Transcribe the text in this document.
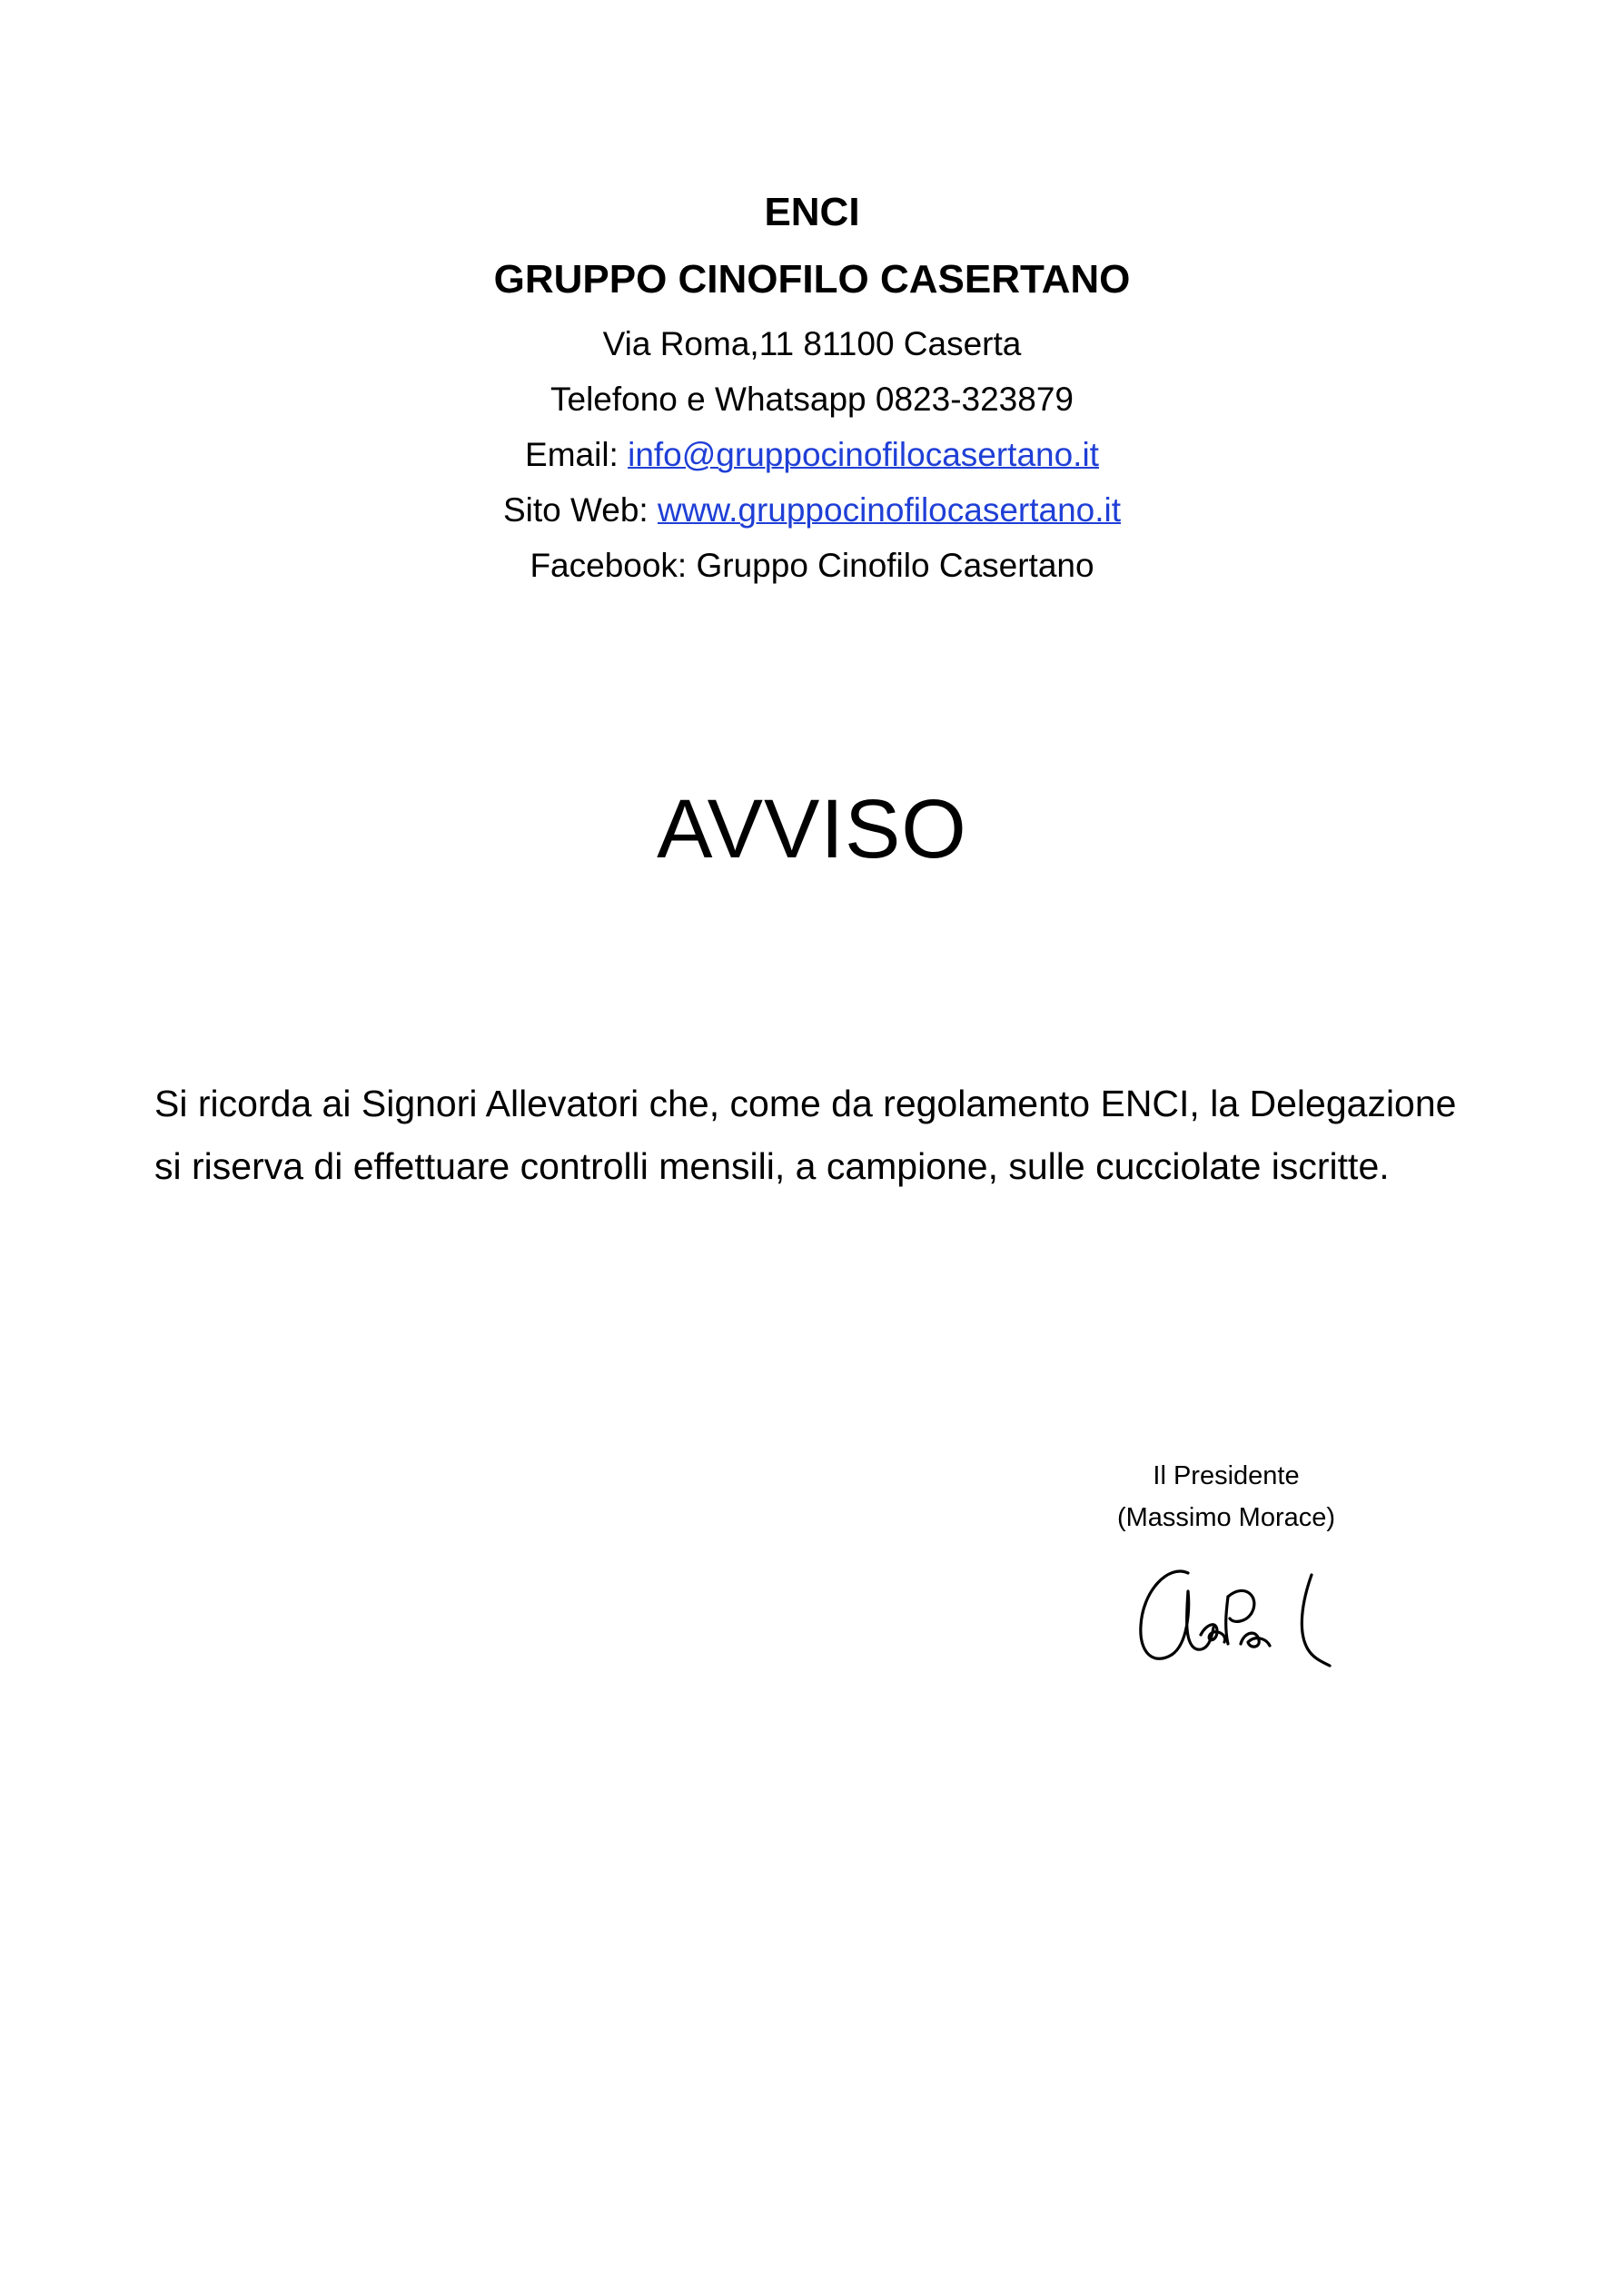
ENCI
GRUPPO CINOFILO CASERTANO
Via Roma,11 81100 Caserta
Telefono e Whatsapp 0823-323879
Email: info@gruppocinofilocasertano.it
Sito Web: www.gruppocinofilocasertano.it
Facebook: Gruppo Cinofilo Casertano
AVVISO
Si ricorda ai Signori Allevatori che, come da regolamento ENCI, la Delegazione si riserva di effettuare controlli mensili, a campione, sulle cucciolate iscritte.
Il Presidente
(Massimo Morace)
